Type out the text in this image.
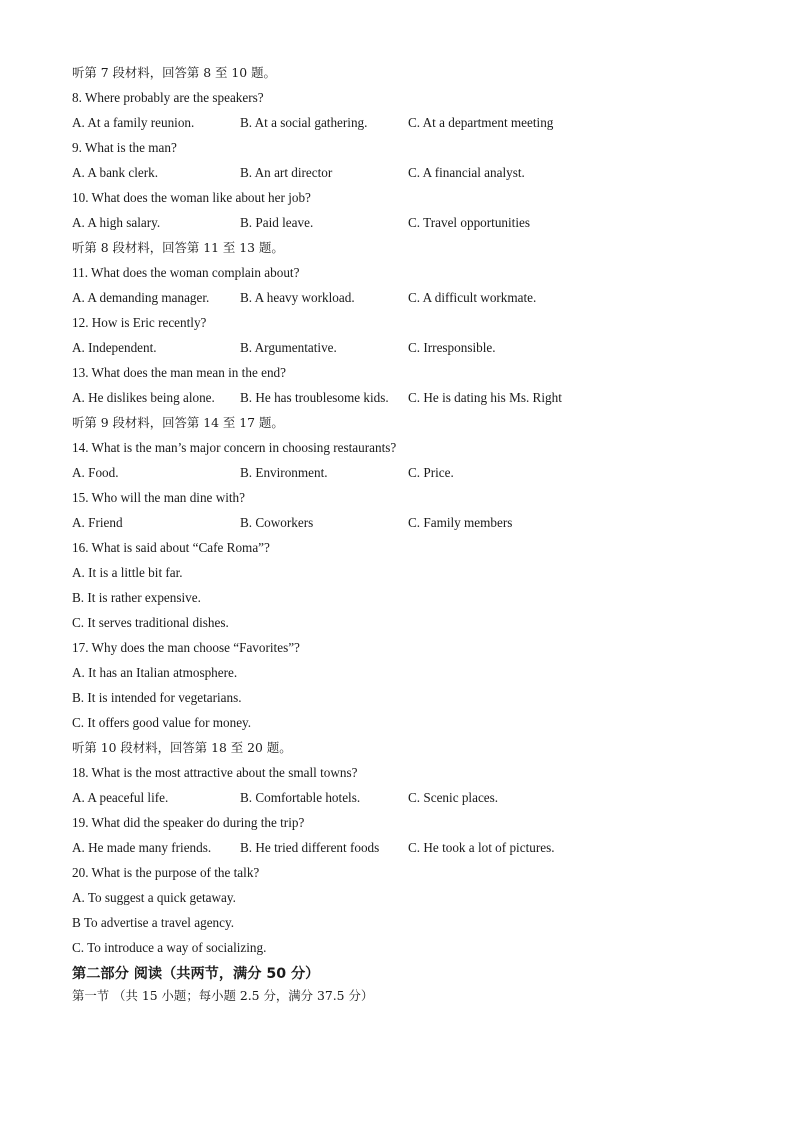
听第 7 段材料，回答第 8 至 10 题。
8. Where probably are the speakers?
A. At a family reunion.	B. At a social gathering.	C. At a department meeting
9. What is the man?
A. A bank clerk.	B. An art director	C. A financial analyst.
10. What does the woman like about her job?
A. A high salary.	B. Paid leave.	C. Travel opportunities
听第 8 段材料，回答第 11 至 13 题。
11. What does the woman complain about?
A. A demanding manager. B. A heavy workload.	C. A difficult workmate.
12. How is Eric recently?
A. Independent.	B. Argumentative.	C. Irresponsible.
13. What does the man mean in the end?
A. He dislikes being alone. B. He has troublesome kids. C. He is dating his Ms. Right
听第 9 段材料，回答第 14 至 17 题。
14. What is the man’s major concern in choosing restaurants?
A. Food.	B. Environment.	C. Price.
15. Who will the man dine with?
A. Friend	B. Coworkers	C. Family members
16. What is said about “Cafe Roma”?
A. It is a little bit far.
B. It is rather expensive.
C. It serves traditional dishes.
17. Why does the man choose “Favorites”?
A. It has an Italian atmosphere.
B. It is intended for vegetarians.
C. It offers good value for money.
听第 10 段材料，回答第 18 至 20 题。
18. What is the most attractive about the small towns?
A. A peaceful life.	B. Comfortable hotels.	C. Scenic places.
19. What did the speaker do during the trip?
A. He made many friends. B. He tried different foods C. He took a lot of pictures.
20. What is the purpose of the talk?
A. To suggest a quick getaway.
B To advertise a travel agency.
C. To introduce a way of socializing.
第二部分 阅读（共两节，满分 50 分）
第一节 （共 15 小题；每小题 2.5 分，满分 37.5 分）
